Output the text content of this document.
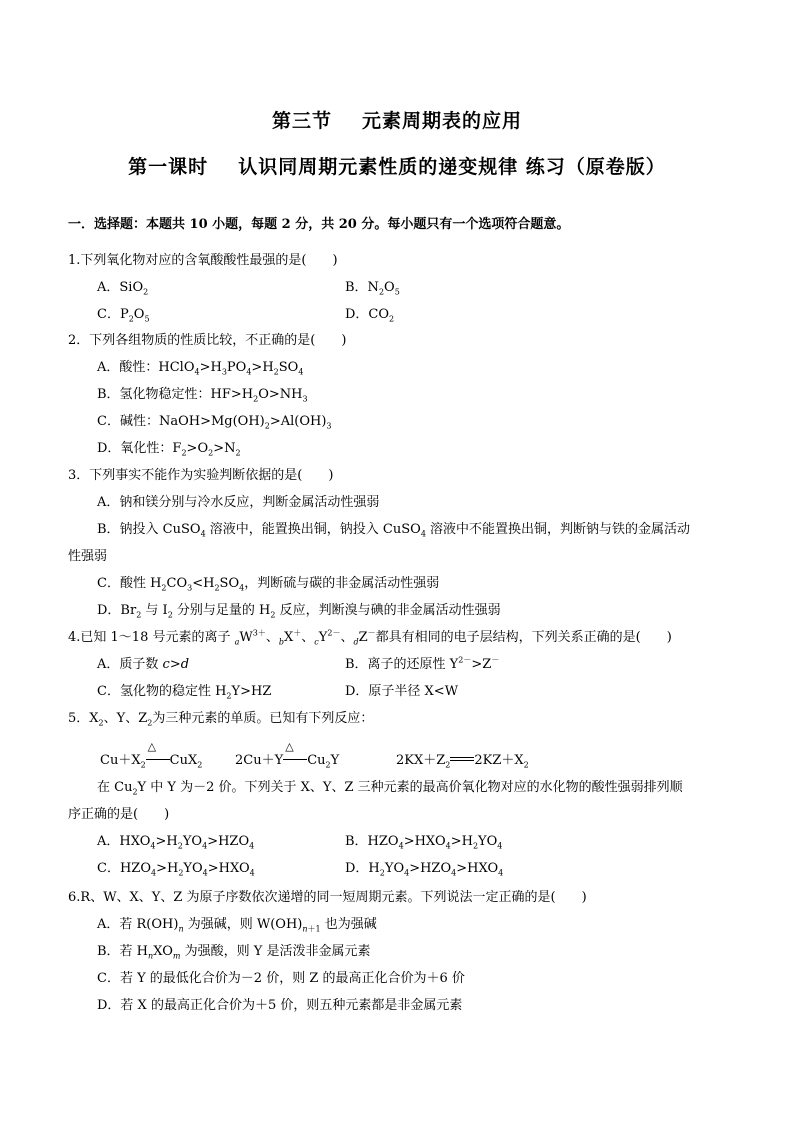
第三节 元素周期表的应用
第一课时 认识同周期元素性质的递变规律 练习（原卷版）
一．选择题：本题共 10 小题，每题 2 分，共 20 分。每小题只有一个选项符合题意。
1.下列氧化物对应的含氧酸酸性最强的是(　　)
A．SiO$_2$	B．$N_2O_5$
C．$P_2O_5$	D．$CO_2$
2．下列各组物质的性质比较，不正确的是(　　)
A．酸性：$HClO_4>H_3PO_4>H_2SO_4$
B．氢化物稳定性：$HF>H_2O>NH_3$
C．碱性：$NaOH>Mg(OH)_2>Al(OH)_3$
D．氧化性：$F_2>O_2>N_2$
3．下列事实不能作为实验判断依据的是(　　)
A．钠和镁分别与冷水反应，判断金属活动性强弱
B．钠投入 CuSO$_4$ 溶液中，能置换出铜，钠投入 CuSO$_4$ 溶液中不能置换出铜，判断钠与铁的金属活动
性强弱
C．酸性 $H_2CO_3<H_2SO_4$，判断硫与碳的非金属活动性强弱
D．$Br_2$ 与 $I_2$ 分别与足量的 $H_2$ 反应，判断溴与碘的非金属活动性强弱
4.已知 1～18 号元素的离子 $_aW^{3+}$、$_b$X＋、$_cY^{2-}$、$_d$Z－都具有相同的电子层结构，下列关系正确的是(　　)
A．质子数 c>d	B．离子的还原性 $Y^{2-}>Z^-$
C．氢化物的稳定性 $H_2Y>HZ$	D．原子半径 X<W
5．$X_2$、Y、$Z_2$为三种元素的单质。已知有下列反应：
$Cu+X_2$
△
CuX$_2$	2Cu＋Y
△
$Cu_2Y$	$2KX+Z_2$ $2KZ+X_2$
在 $Cu_2Y$ 中 Y 为－2 价。下列关于 X、Y、Z 三种元素的最高价氧化物对应的水化物的酸性强弱排列顺
序正确的是(　　)
A．$HXO_4>H_2YO_4>HZO_4$	B．$HZO_4>HXO_4>H_2YO_4$
C．$HZO_4>H_2YO_4>HXO_4$	D．$H_2YO_4>HZO_4>HXO_4$
6.R、W、X、Y、Z 为原子序数依次递增的同一短周期元素。下列说法一定正确的是(　　)
A．若 $R(OH)_n$ 为强碱，则 $W(OH)_{n+1}$ 也为强碱
B．若 $H_nXO_m$ 为强酸，则 Y 是活泼非金属元素
C．若 Y 的最低化合价为－2 价，则 Z 的最高正化合价为＋6 价
D．若 X 的最高正化合价为＋5 价，则五种元素都是非金属元素
